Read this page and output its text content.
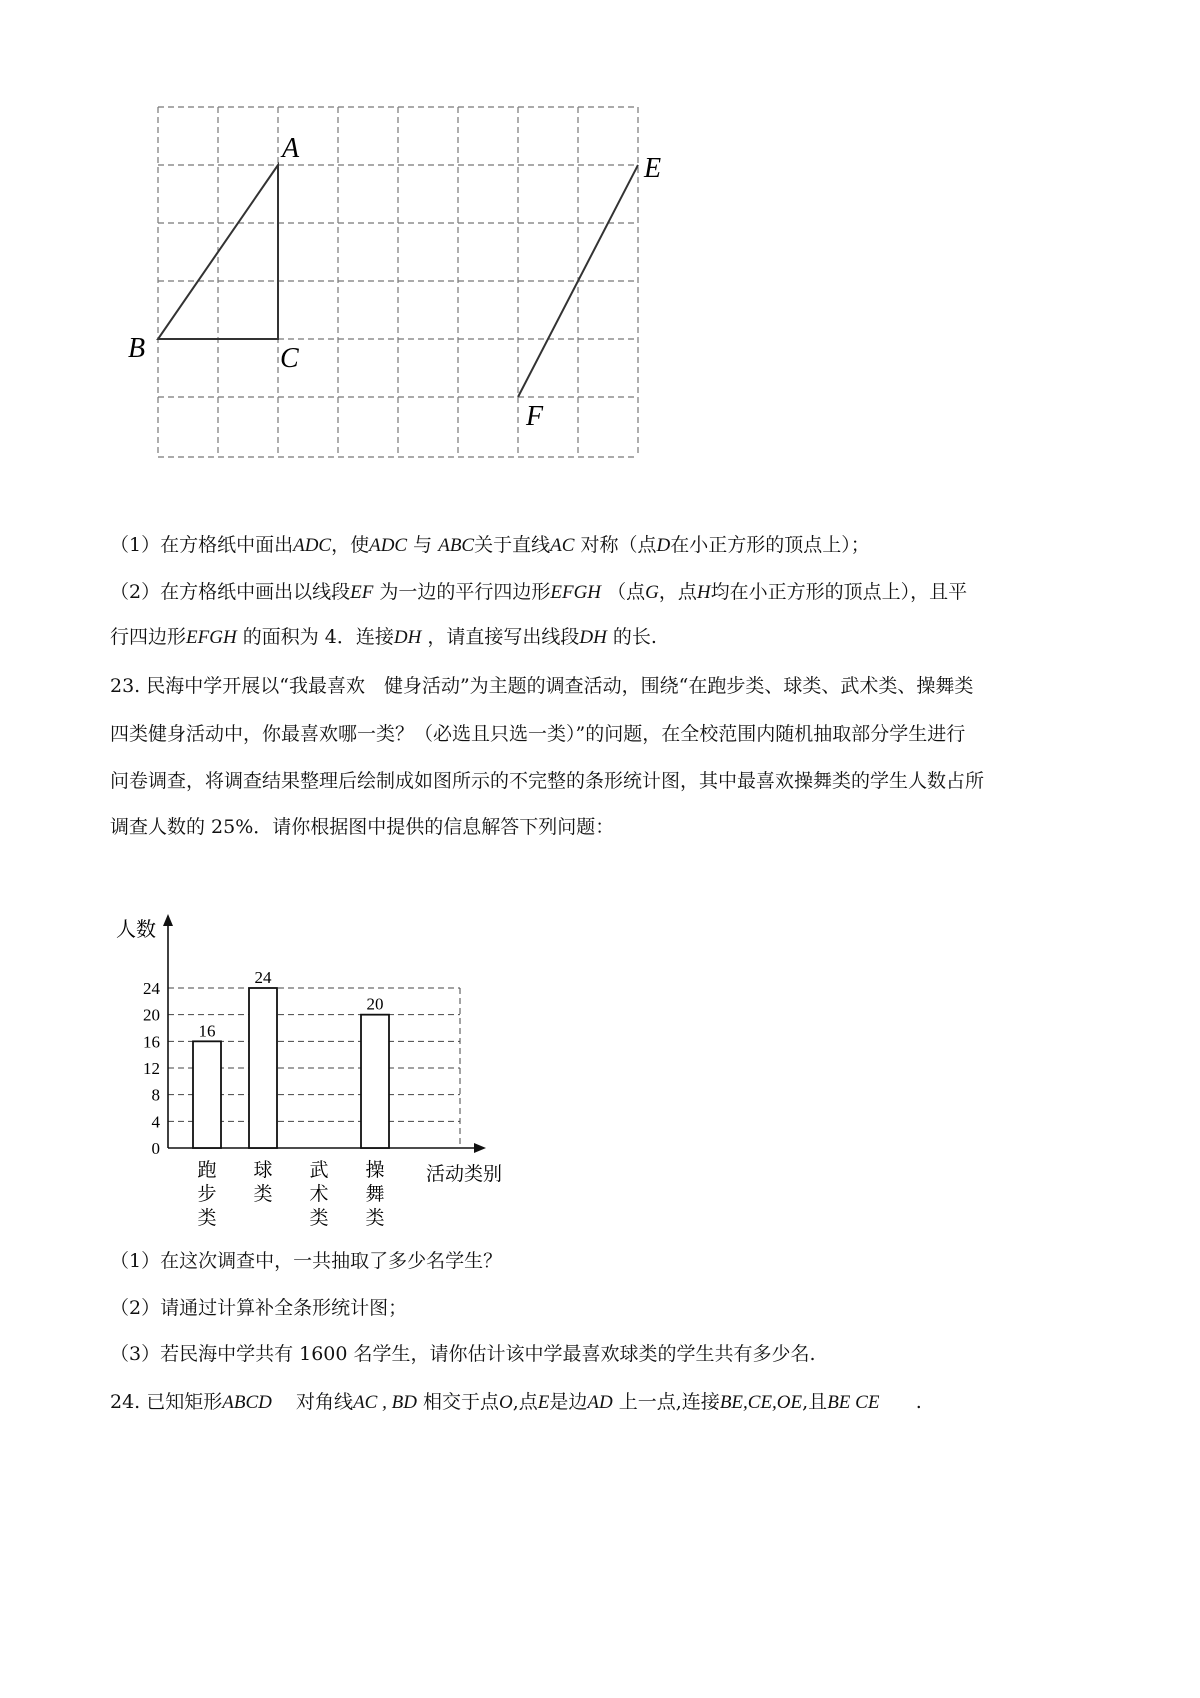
A
B	C
E
F
（1）在方格纸中面出ADC，使ADC 与 ABC关于直线AC 对称（点D在小正方形的顶点上）；
（2）在方格纸中画出以线段EF 为一边的平行四边形EFGH （点G，点H均在小正方形的顶点上），且平
行四边形EFGH 的面积为 4．连接DH ，请直接写出线段DH 的长.
23. 民海中学开展以“我最喜欢　健身活动”为主题的调查活动，围绕“在跑步类、球类、武术类、操舞类
四类健身活动中，你最喜欢哪一类？（必选且只选一类）”的问题，在全校范围内随机抽取部分学生进行
问卷调查，将调查结果整理后绘制成如图所示的不完整的条形统计图，其中最喜欢操舞类的学生人数占所
调查人数的 25%．请你根据图中提供的信息解答下列问题：
0
4
8
12
16
20
24
人数
活动类别
16
跑
步
类
24
球
类
武
术
类
20
操
舞
类
（1）在这次调查中，一共抽取了多少名学生？
（2）请通过计算补全条形统计图；
（3）若民海中学共有 1600 名学生，请你估计该中学最喜欢球类的学生共有多少名.
24. 已知矩形ABCD 对角线AC , BD 相交于点O,点E是边AD 上一点,连接BE,CE,OE,且BE CE .
